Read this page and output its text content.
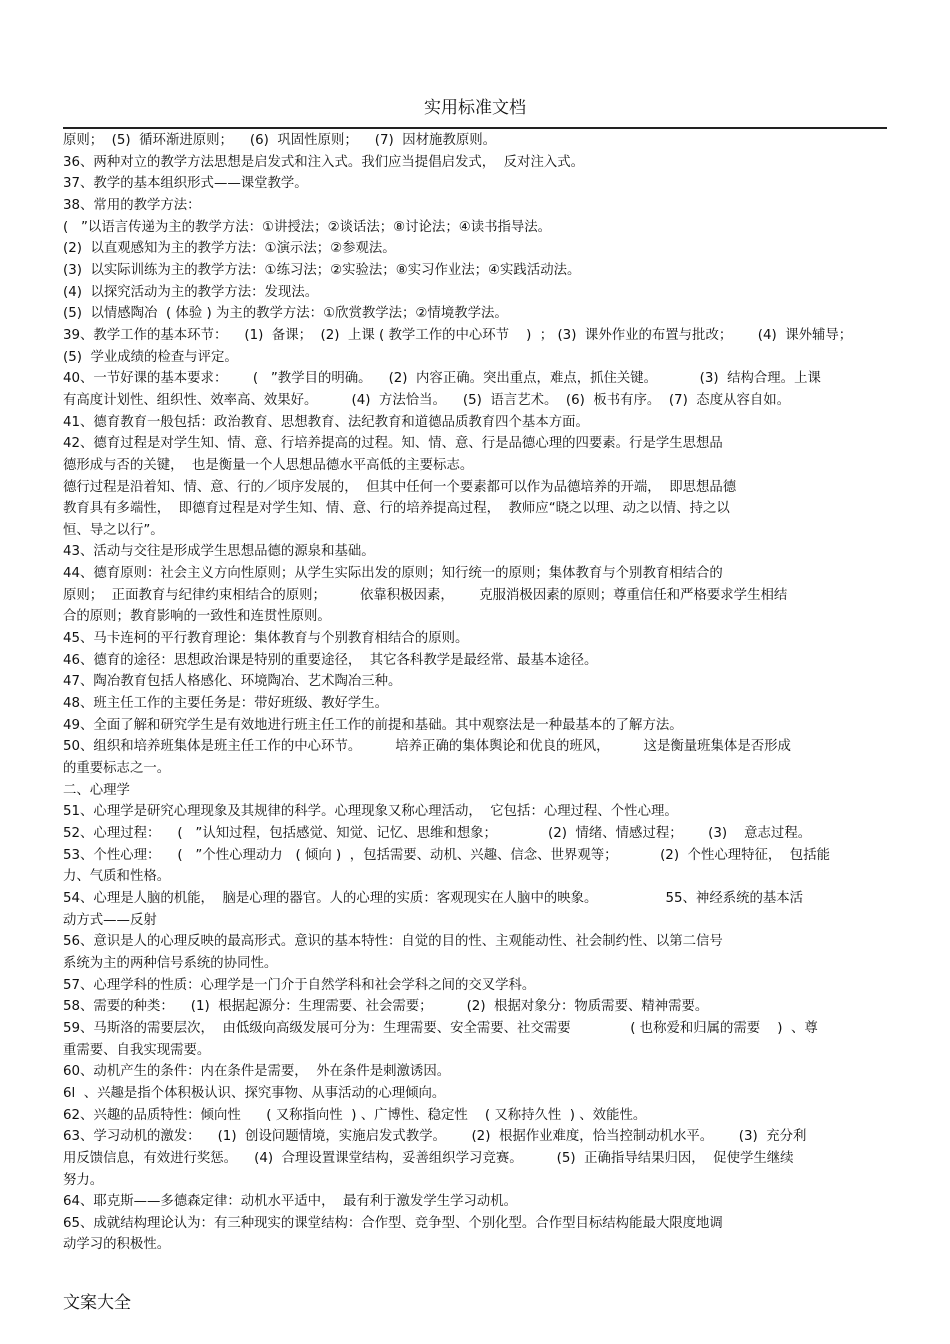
实用标准文档
原则；  (5)  循环渐进原则；    (6)  巩固性原则；    (7)  因材施教原则。
36、两种对立的教学方法思想是启发式和注入式。我们应当提倡启发式，  反对注入式。
37、教学的基本组织形式——课堂教学。
38、常用的教学方法：
(   ”以语言传递为主的教学方法：①讲授法；②谈话法；⑧讨论法；④读书指导法。
(2)  以直观感知为主的教学方法：①演示法；②参观法。
(3)  以实际训练为主的教学方法：①练习法；②实验法；⑧实习作业法；④实践活动法。
(4)  以探究活动为主的教学方法：发现法。
(5)  以情感陶冶  ( 体验 ) 为主的教学方法：①欣赏教学法；②情境教学法。
39、教学工作的基本环节：    (1)  备课；  (2)  上课 ( 教学工作的中心环节    )  ； (3)  课外作业的布置与批改；      (4)  课外辅导；
(5)  学业成绩的检查与评定。
40、一节好课的基本要求：      (   ”教学目的明确。    (2)  内容正确。突出重点，难点，抓住关键。          (3)  结构合理。上课
有高度计划性、组织性、效率高、效果好。        (4)  方法恰当。    (5)  语言艺术。  (6)  板书有序。  (7)  态度从容自如。
41、德育教育一般包括：政治教育、思想教育、法纪教育和道德品质教育四个基本方面。
42、德育过程是对学生知、情、意、行培养提高的过程。知、情、意、行是品德心理的四要素。行是学生思想品
德形成与否的关键，  也是衡量一个人思想品德水平高低的主要标志。
德行过程是沿着知、情、意、行的／顷序发展的，  但其中任何一个要素都可以作为品德培养的开端，  即思想品德
教育具有多端性，  即德育过程是对学生知、情、意、行的培养提高过程，  教师应“晓之以理、动之以情、持之以
恒、导之以行”。
43、活动与交往是形成学生思想品德的源泉和基础。
44、德育原则：社会主义方向性原则；从学生实际出发的原则；知行统一的原则；集体教育与个别教育相结合的
原则；  正面教育与纪律约束相结合的原则；        依靠积极因素，      克服消极因素的原则；尊重信任和严格要求学生相结
合的原则；教育影响的一致性和连贯性原则。
45、马卡连柯的平行教育理论：集体教育与个别教育相结合的原则。
46、德育的途径：思想政治课是特别的重要途径，  其它各科教学是最经常、最基本途径。
47、陶冶教育包括人格感化、环境陶冶、艺术陶冶三种。
48、班主任工作的主要任务是：带好班级、教好学生。
49、全面了解和研究学生是有效地进行班主任工作的前提和基础。其中观察法是一种最基本的了解方法。
50、组织和培养班集体是班主任工作的中心环节。        培养正确的集体舆论和优良的班风，        这是衡量班集体是否形成
的重要标志之一。
二、心理学
51、心理学是研究心理现象及其规律的科学。心理现象又称心理活动，  它包括：心理过程、个性心理。
52、心理过程：    (   ”认知过程，包括感觉、知觉、记忆、思维和想象；            (2)  情绪、情感过程；      (3)    意志过程。
53、个性心理：    (   ”个性心理动力   ( 倾向 )  ，包括需要、动机、兴趣、信念、世界观等；          (2)  个性心理特征，  包括能
力、气质和性格。
54、心理是人脑的机能，  脑是心理的器官。人的心理的实质：客观现实在人脑中的映象。                55、神经系统的基本活
动方式——反射
56、意识是人的心理反映的最高形式。意识的基本特性：自觉的目的性、主观能动性、社会制约性、以第二信号
系统为主的两种信号系统的协同性。
57、心理学科的性质：心理学是一门介于自然学科和社会学科之间的交叉学科。
58、需要的种类：    (1)  根据起源分：生理需要、社会需要；        (2)  根据对象分：物质需要、精神需要。
59、马斯洛的需要层次，  由低级向高级发展可分为：生理需要、安全需要、社交需要              ( 也称爱和归属的需要    )  、尊
重需要、自我实现需要。
60、动机产生的条件：内在条件是需要，  外在条件是刺激诱因。
6l  、兴趣是指个体积极认识、探究事物、从事活动的心理倾向。
62、兴趣的品质特性：倾向性      ( 又称指向性  ) 、广博性、稳定性    ( 又称持久性  ) 、效能性。
63、学习动机的激发：    (1)  创设问题情境，实施启发式教学。      (2)  根据作业难度，恰当控制动机水平。      (3)  充分利
用反馈信息，有效进行奖惩。    (4)  合理设置课堂结构，妥善组织学习竞赛。        (5)  正确指导结果归因，  促使学生继续
努力。
64、耶克斯——多德森定律：动机水平适中，  最有利于激发学生学习动机。
65、成就结构理论认为：有三种现实的课堂结构：合作型、竞争型、个别化型。合作型目标结构能最大限度地调
动学习的积极性。
文案大全
